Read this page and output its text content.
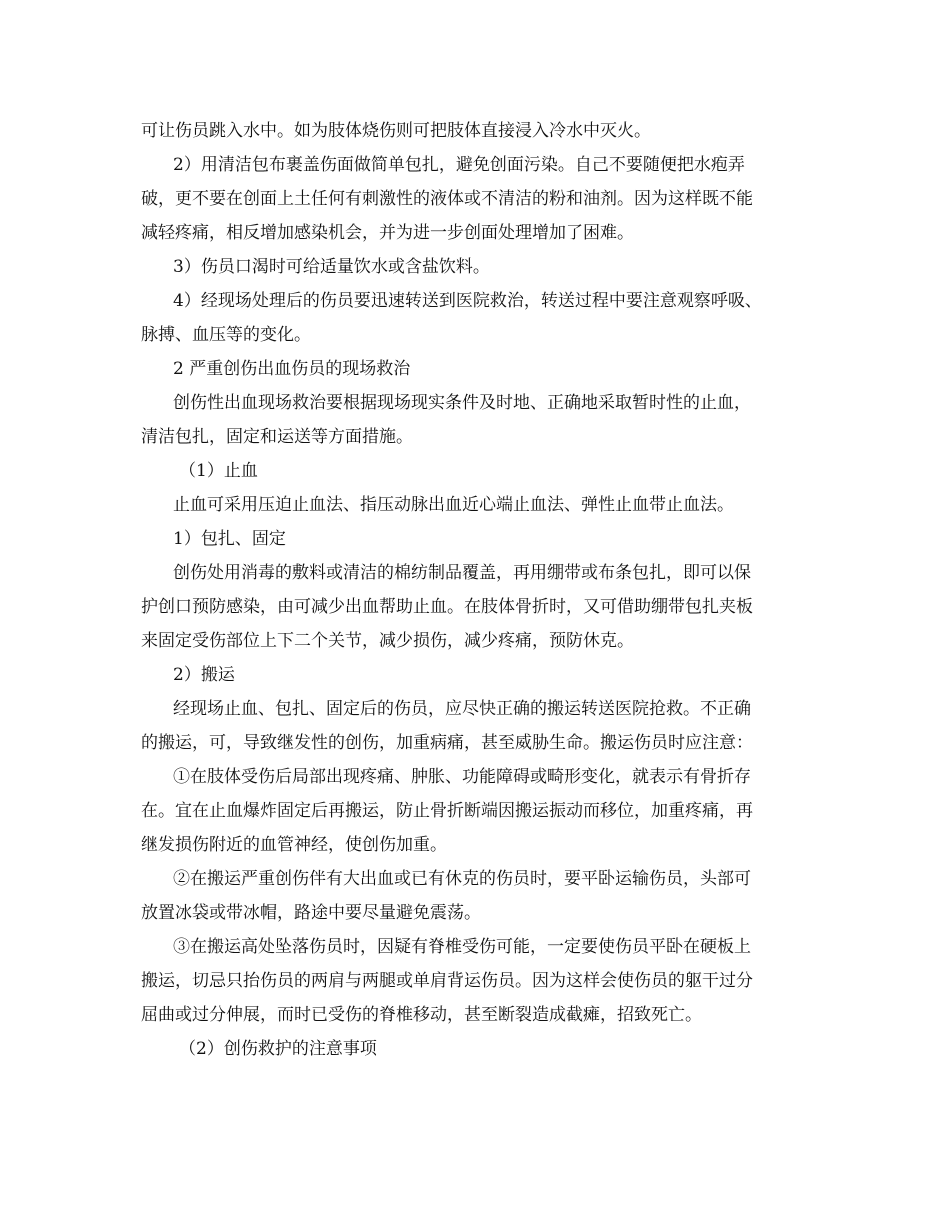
可让伤员跳入水中。如为肢体烧伤则可把肢体直接浸入冷水中灭火。
2）用清洁包布裹盖伤面做简单包扎，避免创面污染。自己不要随便把水疱弄
破，更不要在创面上土任何有刺激性的液体或不清洁的粉和油剂。因为这样既不能
减轻疼痛，相反增加感染机会，并为进一步创面处理增加了困难。
3）伤员口渴时可给适量饮水或含盐饮料。
4）经现场处理后的伤员要迅速转送到医院救治，转送过程中要注意观察呼吸、
脉搏、血压等的变化。
2 严重创伤出血伤员的现场救治
创伤性出血现场救治要根据现场现实条件及时地、正确地采取暂时性的止血，
清洁包扎，固定和运送等方面措施。
（1）止血
止血可采用压迫止血法、指压动脉出血近心端止血法、弹性止血带止血法。
1）包扎、固定
创伤处用消毒的敷料或清洁的棉纺制品覆盖，再用绷带或布条包扎，即可以保
护创口预防感染，由可减少出血帮助止血。在肢体骨折时，又可借助绷带包扎夹板
来固定受伤部位上下二个关节，减少损伤，减少疼痛，预防休克。
2）搬运
经现场止血、包扎、固定后的伤员，应尽快正确的搬运转送医院抢救。不正确
的搬运，可，导致继发性的创伤，加重病痛，甚至威胁生命。搬运伤员时应注意：
①在肢体受伤后局部出现疼痛、肿胀、功能障碍或畸形变化，就表示有骨折存
在。宜在止血爆炸固定后再搬运，防止骨折断端因搬运振动而移位，加重疼痛，再
继发损伤附近的血管神经，使创伤加重。
②在搬运严重创伤伴有大出血或已有休克的伤员时，要平卧运输伤员，头部可
放置冰袋或带冰帽，路途中要尽量避免震荡。
③在搬运高处坠落伤员时，因疑有脊椎受伤可能，一定要使伤员平卧在硬板上
搬运，切忌只抬伤员的两肩与两腿或单肩背运伤员。因为这样会使伤员的躯干过分
屈曲或过分伸展，而时已受伤的脊椎移动，甚至断裂造成截瘫，招致死亡。
（2）创伤救护的注意事项
